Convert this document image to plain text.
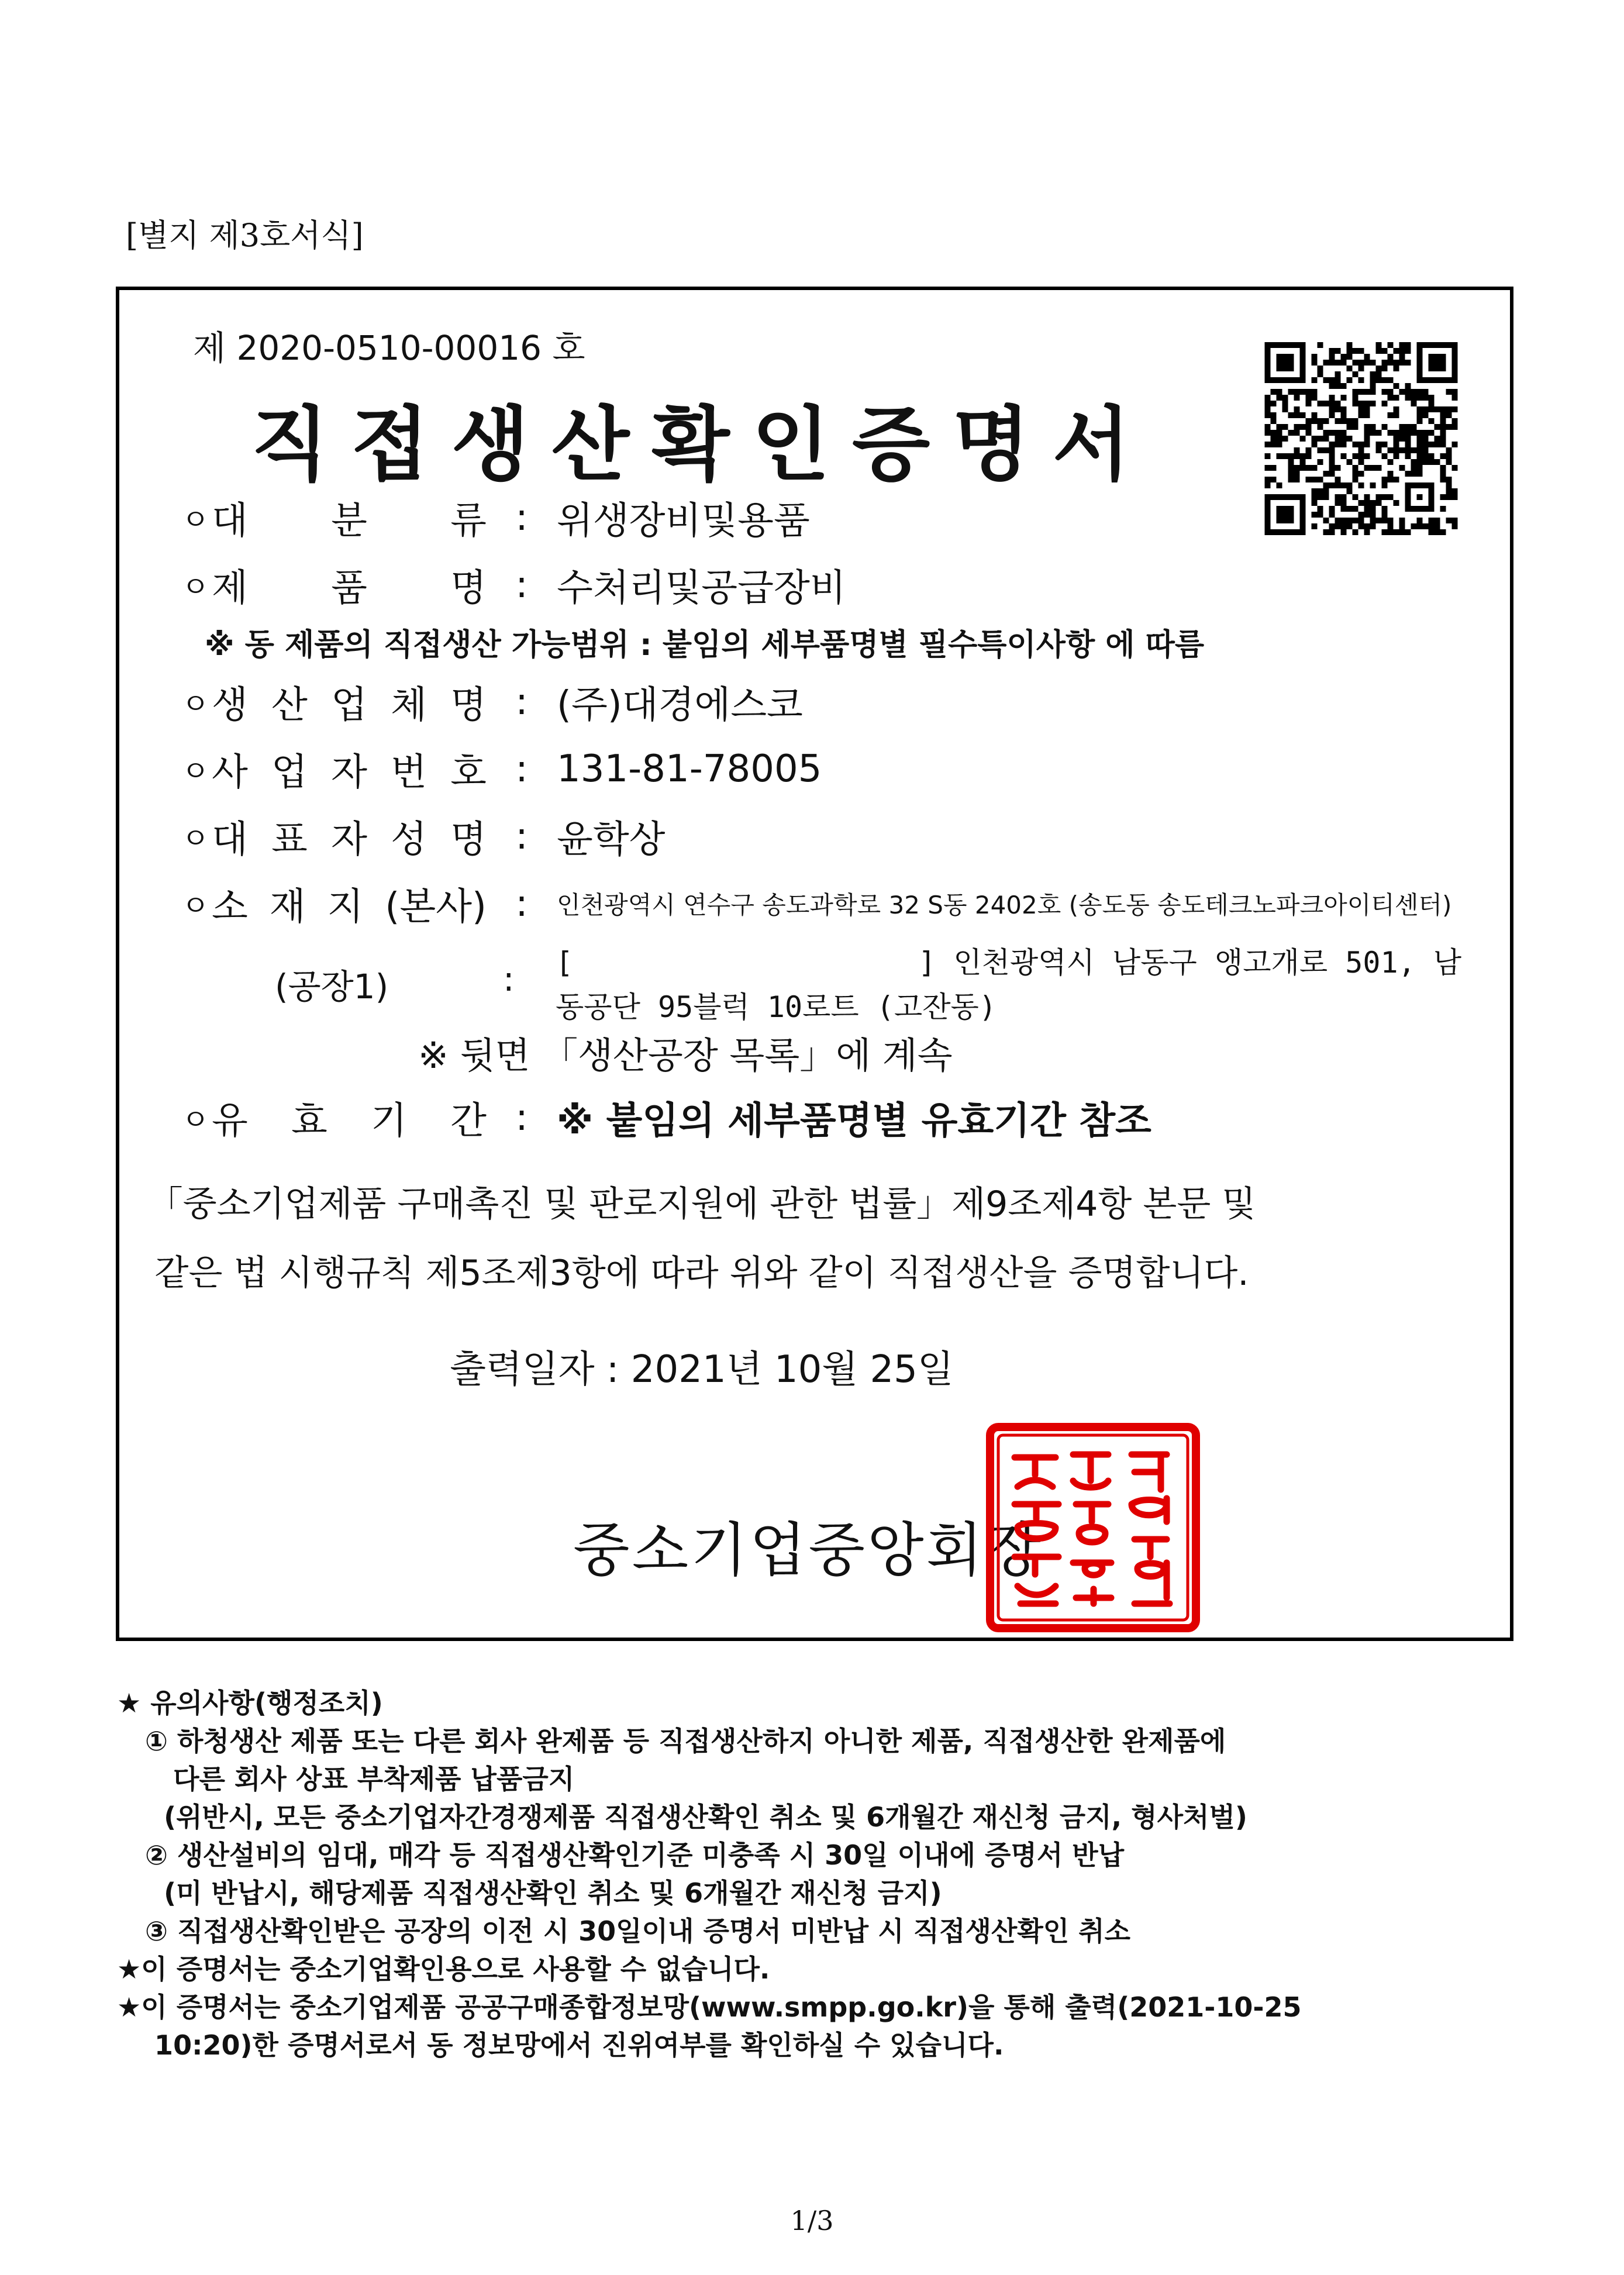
[별지 제3호서식]
제 2020-0510-00016 호
직접생산확인증명서
ㅇ 대 분 류 : 위생장비및용품
ㅇ 제 품 명 : 수처리및공급장비
※ 동 제품의 직접생산 가능범위 : 붙임의 세부품명별 필수특이사항 에 따름
ㅇ 생 산 업 체 명 : (주)대경에스코
ㅇ 사 업 자 번 호 : 131-81-78005
ㅇ 대 표 자 성 명 : 윤학상
ㅇ 소 재 지 (본사) :	인천광역시 연수구 송도과학로 32 S동 2402호 (송도동 송도테크노파크아이티센터)
(공장1)	: [	] 인천광역시 남동구 앵고개로 501, 남
동공단 95블럭 10로트 (고잔동)
※ 뒷면 「생산공장 목록」에 계속
ㅇ 유 효 기 간 : ※ 붙임의 세부품명별 유효기간 참조
「중소기업제품 구매촉진 및 판로지원에 관한 법률」제9조제4항 본문 및
같은 법 시행규칙 제5조제3항에 따라 위와 같이 직접생산을 증명합니다.
출력일자 : 2021년 10월 25일
중소기업중앙회장
★ 유의사항(행정조치)
① 하청생산 제품 또는 다른 회사 완제품 등 직접생산하지 아니한 제품, 직접생산한 완제품에
다른 회사 상표 부착제품 납품금지
(위반시, 모든 중소기업자간경쟁제품 직접생산확인 취소 및 6개월간 재신청 금지, 형사처벌)
② 생산설비의 임대, 매각 등 직접생산확인기준 미충족 시 30일 이내에 증명서 반납
(미 반납시, 해당제품 직접생산확인 취소 및 6개월간 재신청 금지)
③ 직접생산확인받은 공장의 이전 시 30일이내 증명서 미반납 시 직접생산확인 취소
★이 증명서는 중소기업확인용으로 사용할 수 없습니다.
★이 증명서는 중소기업제품 공공구매종합정보망(www.smpp.go.kr)을 통해 출력(2021-10-25
10:20)한 증명서로서 동 정보망에서 진위여부를 확인하실 수 있습니다.
1/3
